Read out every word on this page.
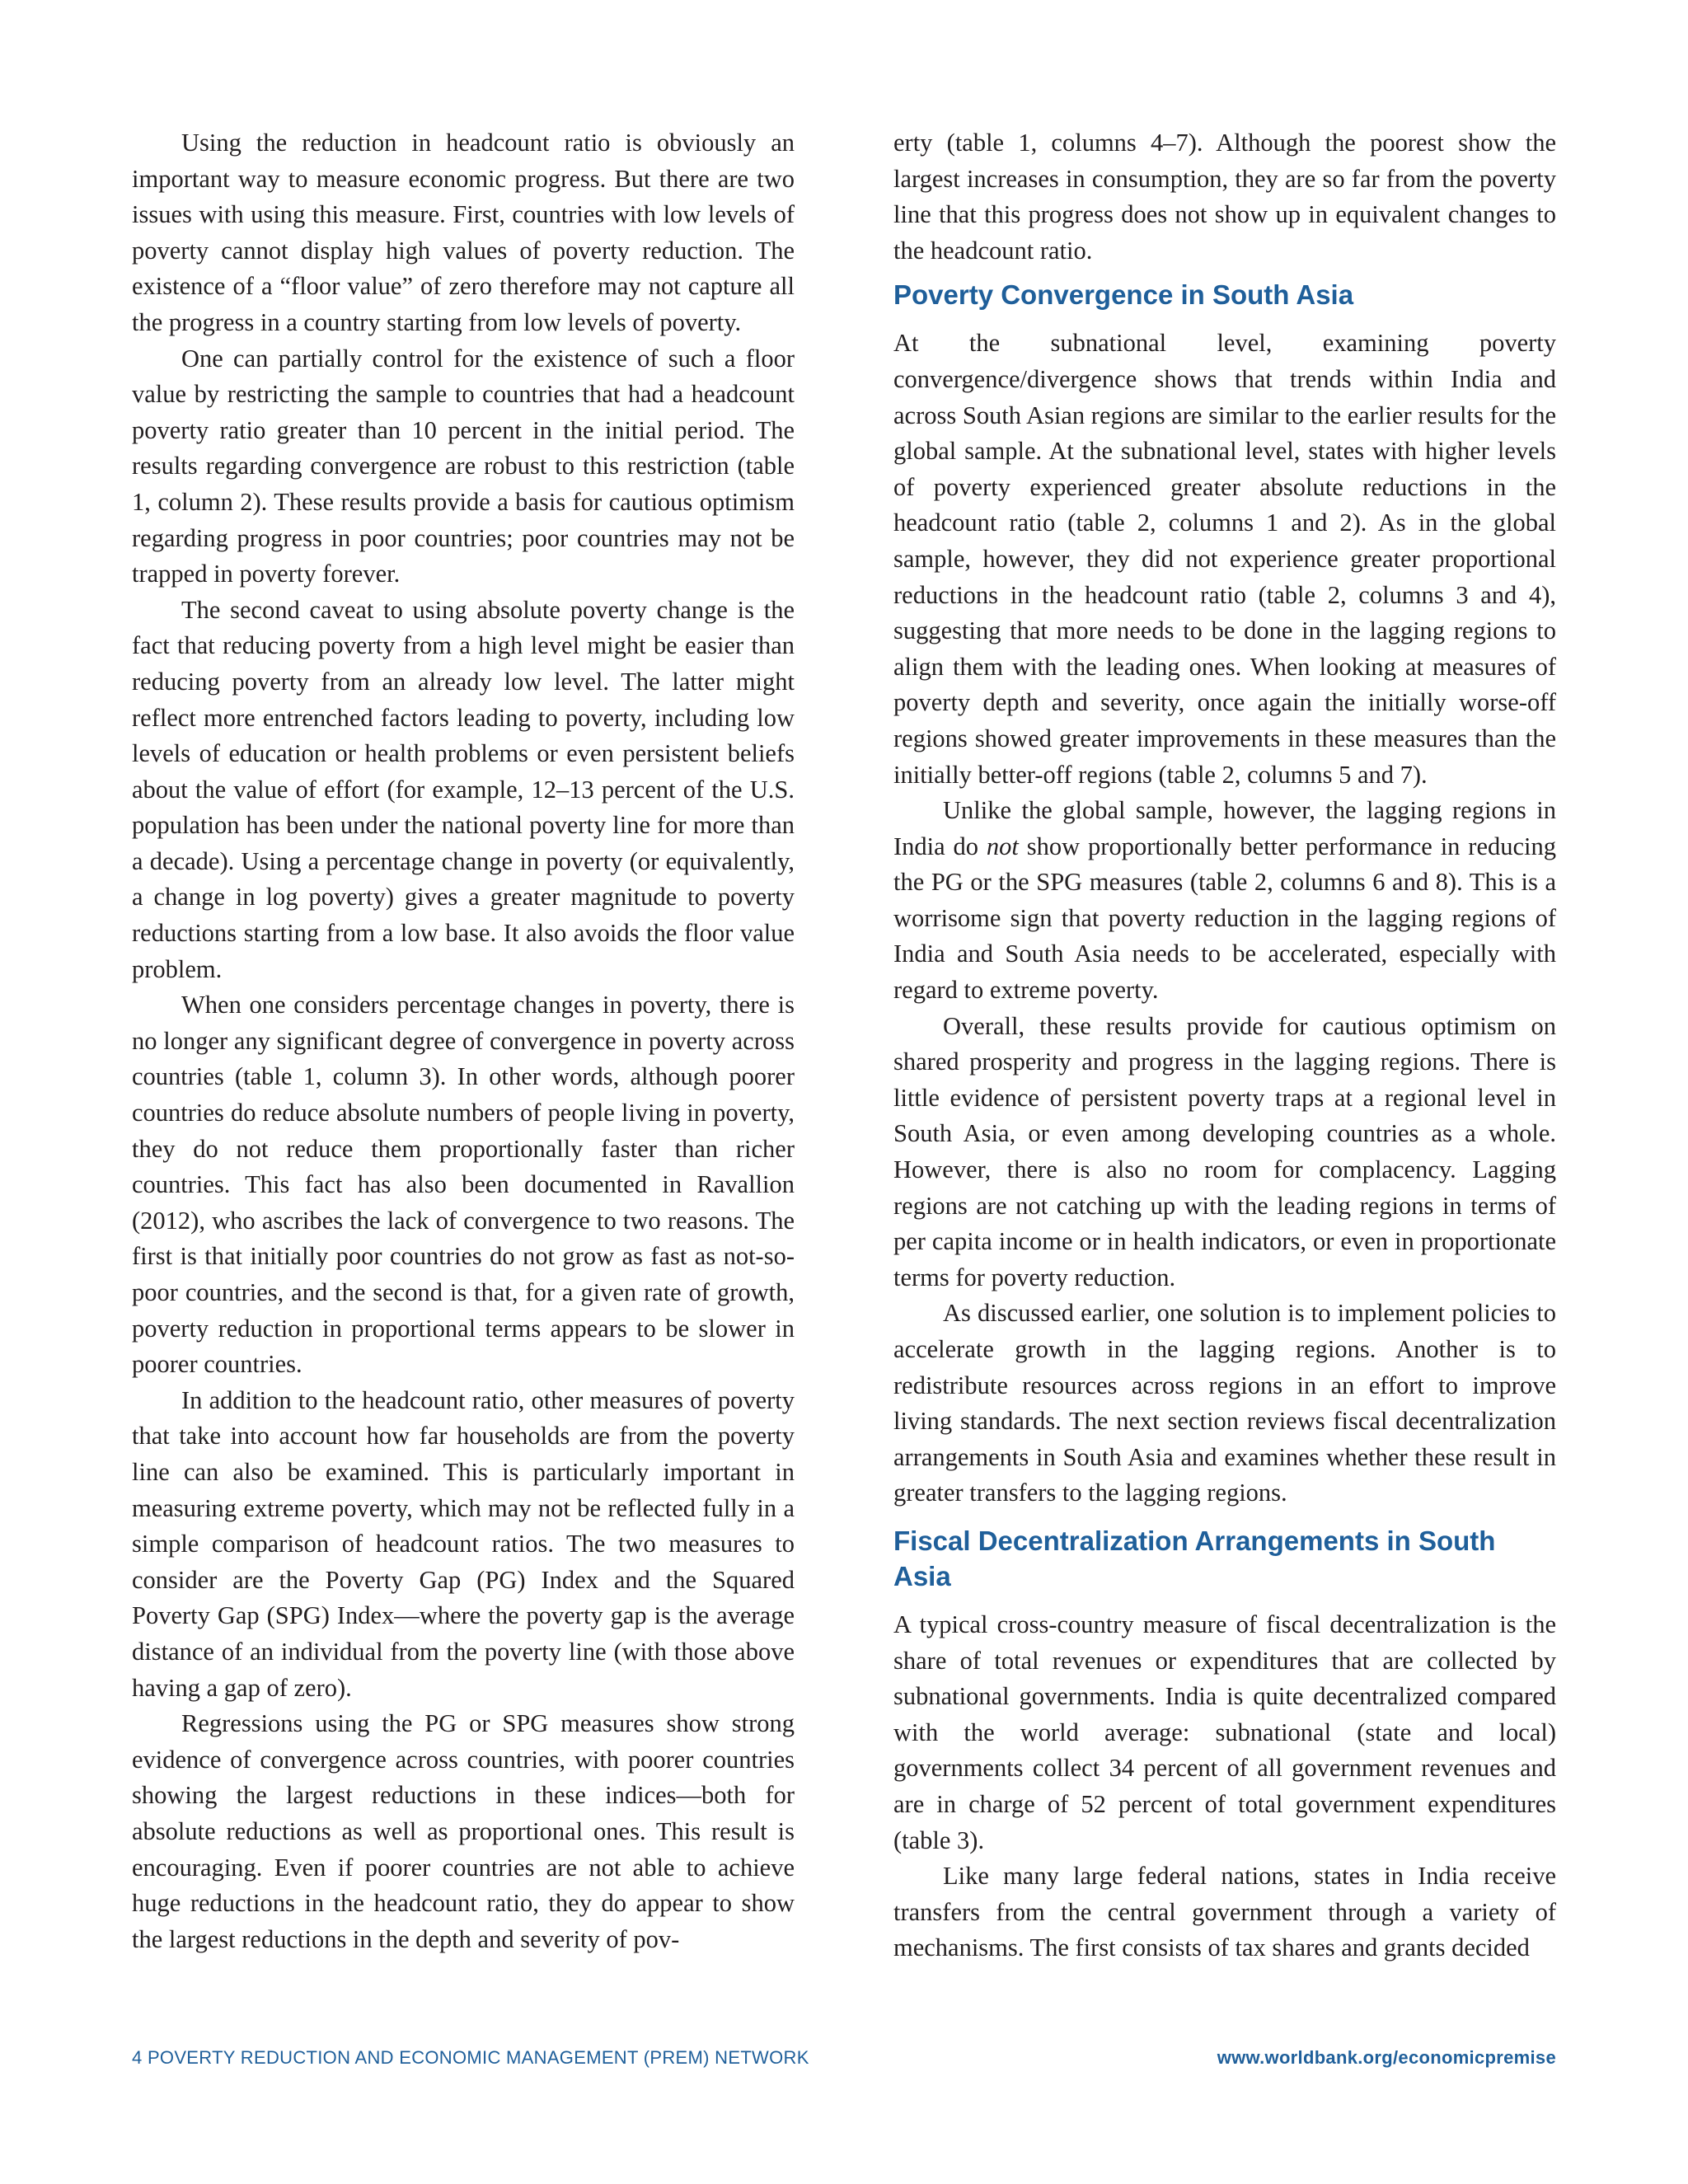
Using the reduction in headcount ratio is obviously an important way to measure economic progress. But there are two issues with using this measure. First, countries with low levels of poverty cannot display high values of poverty reduction. The existence of a “floor value” of zero therefore may not capture all the progress in a country starting from low levels of poverty.

One can partially control for the existence of such a floor value by restricting the sample to countries that had a headcount poverty ratio greater than 10 percent in the initial period. The results regarding convergence are robust to this restriction (table 1, column 2). These results provide a basis for cautious optimism regarding progress in poor countries; poor countries may not be trapped in poverty forever.

The second caveat to using absolute poverty change is the fact that reducing poverty from a high level might be easier than reducing poverty from an already low level. The latter might reflect more entrenched factors leading to poverty, including low levels of education or health problems or even persistent beliefs about the value of effort (for example, 12–13 percent of the U.S. population has been under the national poverty line for more than a decade). Using a percentage change in poverty (or equivalently, a change in log poverty) gives a greater magnitude to poverty reductions starting from a low base. It also avoids the floor value problem.

When one considers percentage changes in poverty, there is no longer any significant degree of convergence in poverty across countries (table 1, column 3). In other words, although poorer countries do reduce absolute numbers of people living in poverty, they do not reduce them proportionally faster than richer countries. This fact has also been documented in Ravallion (2012), who ascribes the lack of convergence to two reasons. The first is that initially poor countries do not grow as fast as not-so-poor countries, and the second is that, for a given rate of growth, poverty reduction in proportional terms appears to be slower in poorer countries.

In addition to the headcount ratio, other measures of poverty that take into account how far households are from the poverty line can also be examined. This is particularly important in measuring extreme poverty, which may not be reflected fully in a simple comparison of headcount ratios. The two measures to consider are the Poverty Gap (PG) Index and the Squared Poverty Gap (SPG) Index—where the poverty gap is the average distance of an individual from the poverty line (with those above having a gap of zero).

Regressions using the PG or SPG measures show strong evidence of convergence across countries, with poorer countries showing the largest reductions in these indices—both for absolute reductions as well as proportional ones. This result is encouraging. Even if poorer countries are not able to achieve huge reductions in the headcount ratio, they do appear to show the largest reductions in the depth and severity of pov-

erty (table 1, columns 4–7). Although the poorest show the largest increases in consumption, they are so far from the poverty line that this progress does not show up in equivalent changes to the headcount ratio.

Poverty Convergence in South Asia

At the subnational level, examining poverty convergence/divergence shows that trends within India and across South Asian regions are similar to the earlier results for the global sample. At the subnational level, states with higher levels of poverty experienced greater absolute reductions in the headcount ratio (table 2, columns 1 and 2). As in the global sample, however, they did not experience greater proportional reductions in the headcount ratio (table 2, columns 3 and 4), suggesting that more needs to be done in the lagging regions to align them with the leading ones. When looking at measures of poverty depth and severity, once again the initially worse-off regions showed greater improvements in these measures than the initially better-off regions (table 2, columns 5 and 7).

Unlike the global sample, however, the lagging regions in India do not show proportionally better performance in reducing the PG or the SPG measures (table 2, columns 6 and 8). This is a worrisome sign that poverty reduction in the lagging regions of India and South Asia needs to be accelerated, especially with regard to extreme poverty.

Overall, these results provide for cautious optimism on shared prosperity and progress in the lagging regions. There is little evidence of persistent poverty traps at a regional level in South Asia, or even among developing countries as a whole. However, there is also no room for complacency. Lagging regions are not catching up with the leading regions in terms of per capita income or in health indicators, or even in proportionate terms for poverty reduction.

As discussed earlier, one solution is to implement policies to accelerate growth in the lagging regions. Another is to redistribute resources across regions in an effort to improve living standards. The next section reviews fiscal decentralization arrangements in South Asia and examines whether these result in greater transfers to the lagging regions.

Fiscal Decentralization Arrangements in South Asia

A typical cross-country measure of fiscal decentralization is the share of total revenues or expenditures that are collected by subnational governments. India is quite decentralized compared with the world average: subnational (state and local) governments collect 34 percent of all government revenues and are in charge of 52 percent of total government expenditures (table 3).

Like many large federal nations, states in India receive transfers from the central government through a variety of mechanisms. The first consists of tax shares and grants decided

4 POVERTY REDUCTION AND ECONOMIC MANAGEMENT (PREM) NETWORK	www.worldbank.org/economicpremise
